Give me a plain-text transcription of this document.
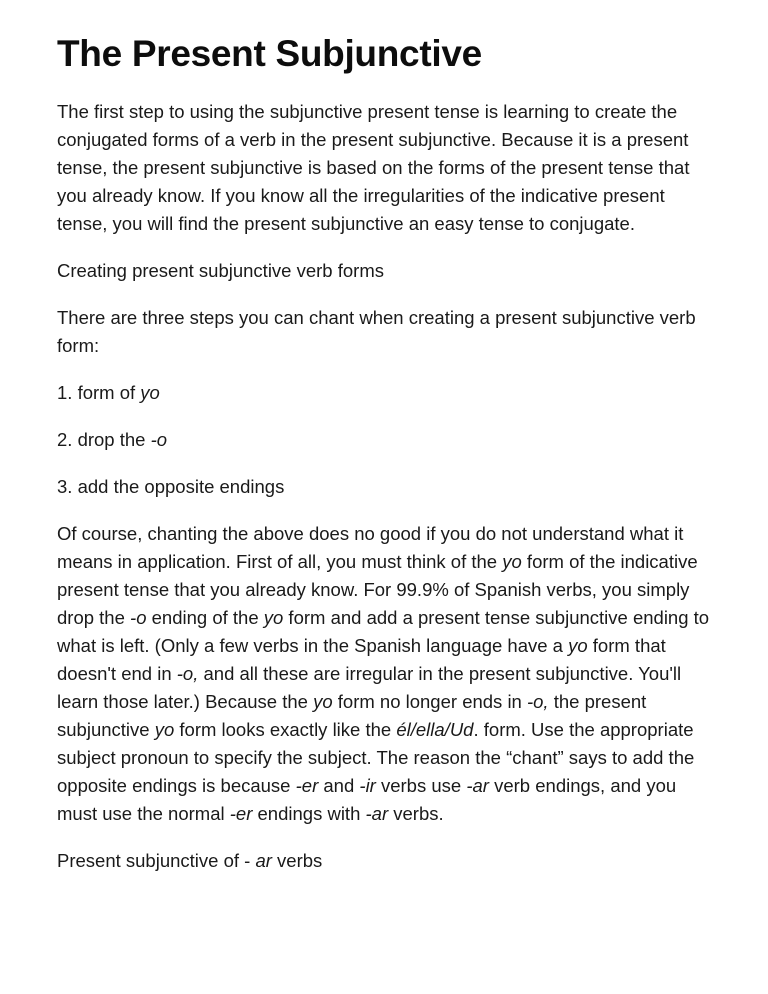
The Present Subjunctive

The first step to using the subjunctive present tense is learning to create the conjugated forms of a verb in the present subjunctive. Because it is a present tense, the present subjunctive is based on the forms of the present tense that you already know. If you know all the irregularities of the indicative present tense, you will find the present subjunctive an easy tense to conjugate.

Creating present subjunctive verb forms

There are three steps you can chant when creating a present subjunctive verb form:

1. form of yo

2. drop the -o

3. add the opposite endings

Of course, chanting the above does no good if you do not understand what it means in application. First of all, you must think of the yo form of the indicative present tense that you already know. For 99.9% of Spanish verbs, you simply drop the -o ending of the yo form and add a present tense subjunctive ending to what is left. (Only a few verbs in the Spanish language have a yo form that doesn't end in -o, and all these are irregular in the present subjunctive. You'll learn those later.) Because the yo form no longer ends in -o, the present subjunctive yo form looks exactly like the él/ella/Ud. form. Use the appropriate subject pronoun to specify the subject. The reason the “chant” says to add the opposite endings is because -er and -ir verbs use -ar verb endings, and you must use the normal -er endings with -ar verbs.

Present subjunctive of - ar verbs
